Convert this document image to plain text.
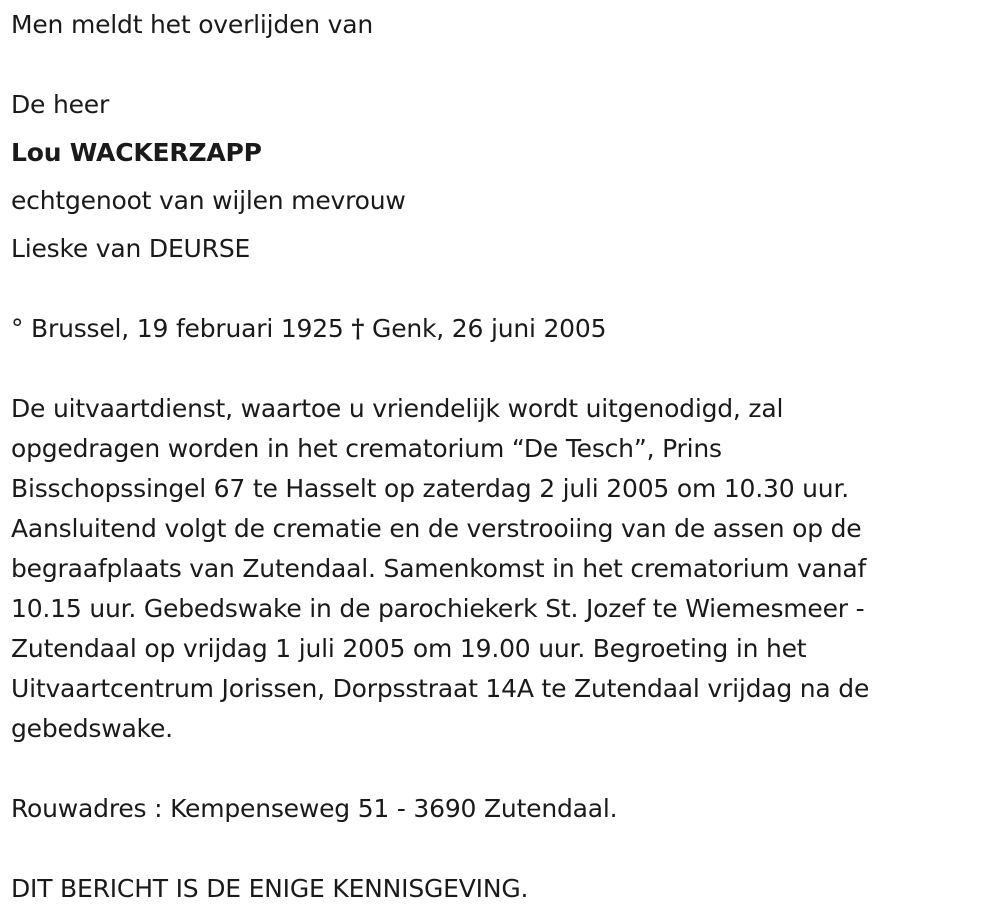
Men meldt het overlijden van
De heer
Lou WACKERZAPP
echtgenoot van wijlen mevrouw
Lieske van DEURSE
° Brussel, 19 februari 1925 † Genk, 26 juni 2005
De uitvaartdienst, waartoe u vriendelijk wordt uitgenodigd, zal
opgedragen worden in het crematorium “De Tesch”, Prins
Bisschopssingel 67 te Hasselt op zaterdag 2 juli 2005 om 10.30 uur.
Aansluitend volgt de crematie en de verstrooiing van de assen op de
begraafplaats van Zutendaal. Samenkomst in het crematorium vanaf
10.15 uur. Gebedswake in de parochiekerk St. Jozef te Wiemesmeer -
Zutendaal op vrijdag 1 juli 2005 om 19.00 uur. Begroeting in het
Uitvaartcentrum Jorissen, Dorpsstraat 14A te Zutendaal vrijdag na de
gebedswake.
Rouwadres : Kempenseweg 51 - 3690 Zutendaal.
DIT BERICHT IS DE ENIGE KENNISGEVING.
